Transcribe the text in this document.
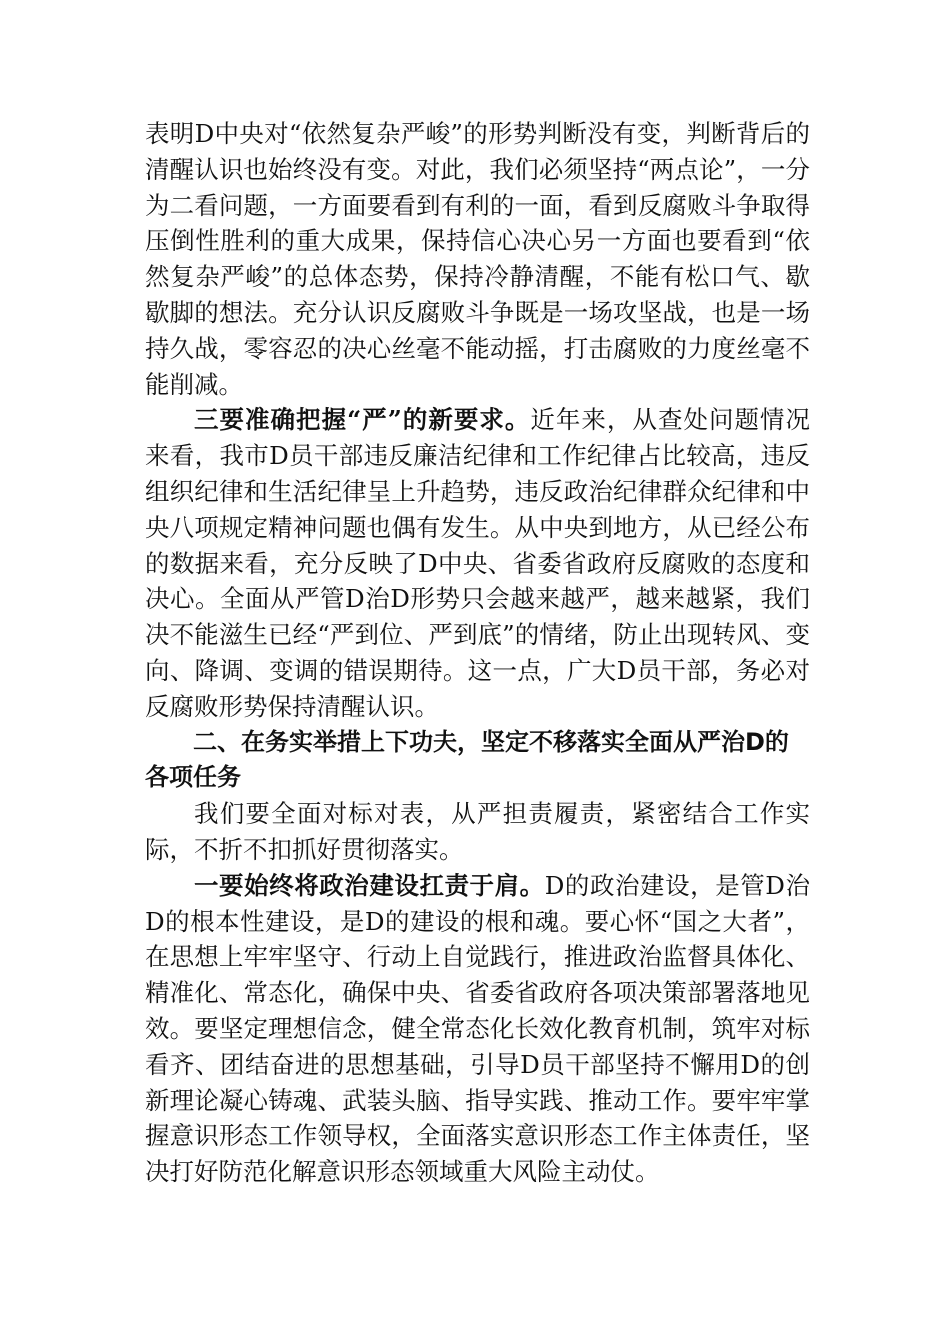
表明D中央对“依然复杂严峻”的形势判断没有变，判断背后的清醒认识也始终没有变。对此，我们必须坚持“两点论”，一分为二看问题，一方面要看到有利的一面，看到反腐败斗争取得压倒性胜利的重大成果，保持信心决心另一方面也要看到“依然复杂严峻”的总体态势，保持冷静清醒，不能有松口气、歇歇脚的想法。充分认识反腐败斗争既是一场攻坚战，也是一场持久战，零容忍的决心丝毫不能动摇，打击腐败的力度丝毫不能削减。

三要准确把握“严”的新要求。近年来，从查处问题情况来看，我市D员干部违反廉洁纪律和工作纪律占比较高，违反组织纪律和生活纪律呈上升趋势，违反政治纪律群众纪律和中央八项规定精神问题也偶有发生。从中央到地方，从已经公布的数据来看，充分反映了D中央、省委省政府反腐败的态度和决心。全面从严管D治D形势只会越来越严，越来越紧，我们决不能滋生已经“严到位、严到底”的情绪，防止出现转风、变向、降调、变调的错误期待。这一点，广大D员干部，务必对反腐败形势保持清醒认识。

二、在务实举措上下功夫，坚定不移落实全面从严治D的各项任务

我们要全面对标对表，从严担责履责，紧密结合工作实际，不折不扣抓好贯彻落实。

一要始终将政治建设扛责于肩。D的政治建设，是管D治D的根本性建设，是D的建设的根和魂。要心怀“国之大者”，在思想上牢牢坚守、行动上自觉践行，推进政治监督具体化、精准化、常态化，确保中央、省委省政府各项决策部署落地见效。要坚定理想信念，健全常态化长效化教育机制，筑牢对标看齐、团结奋进的思想基础，引导D员干部坚持不懈用D的创新理论凝心铸魂、武装头脑、指导实践、推动工作。要牢牢掌握意识形态工作领导权，全面落实意识形态工作主体责任，坚决打好防范化解意识形态领域重大风险主动仗。
